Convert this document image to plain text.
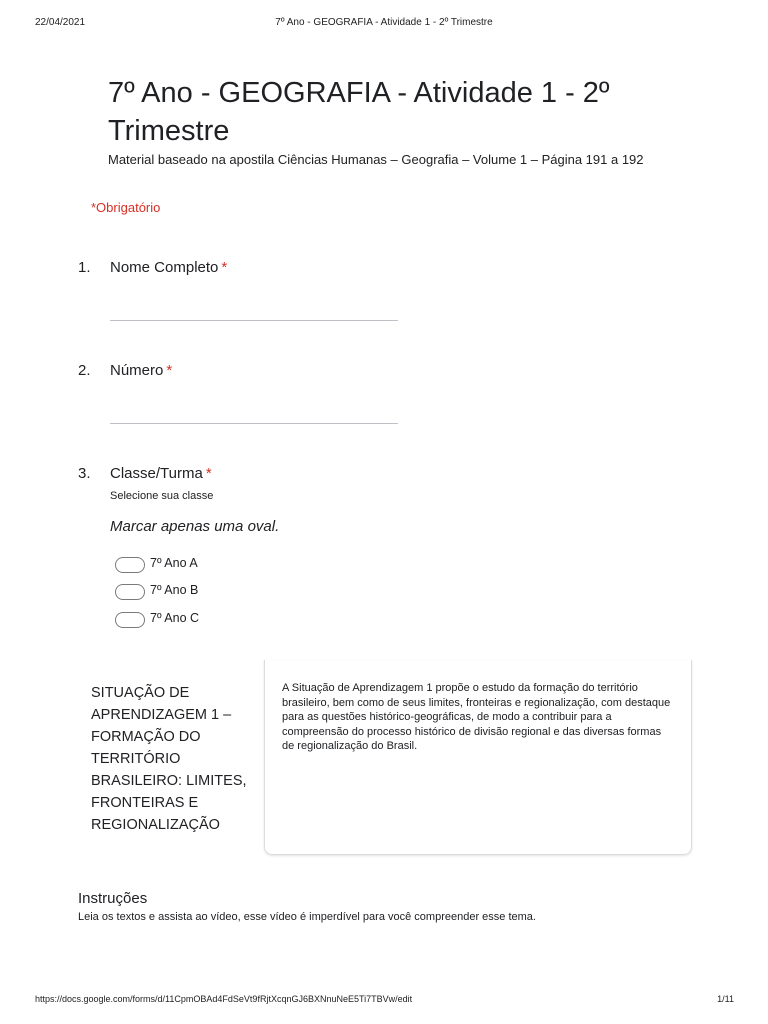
22/04/2021	7º Ano - GEOGRAFIA - Atividade 1 - 2º Trimestre
7º Ano - GEOGRAFIA - Atividade 1 - 2º Trimestre
Material baseado na apostila Ciências Humanas – Geografia – Volume 1 – Página 191 a 192
*Obrigatório
1. Nome Completo *
2. Número *
3. Classe/Turma *
Selecione sua classe
Marcar apenas uma oval.
7º Ano A
7º Ano B
7º Ano C
SITUAÇÃO DE APRENDIZAGEM 1 – FORMAÇÃO DO TERRITÓRIO BRASILEIRO: LIMITES, FRONTEIRAS E REGIONALIZAÇÃO
A Situação de Aprendizagem 1 propõe o estudo da formação do território brasileiro, bem como de seus limites, fronteiras e regionalização, com destaque para as questões histórico-geográficas, de modo a contribuir para a compreensão do processo histórico de divisão regional e das diversas formas de regionalização do Brasil.
Instruções
Leia os textos e assista ao vídeo, esse vídeo é imperdível para você compreender esse tema.
https://docs.google.com/forms/d/11CpmOBAd4FdSeVt9fRjtXcqnGJ6BXNnuNeE5Ti7TBVw/edit	1/11
